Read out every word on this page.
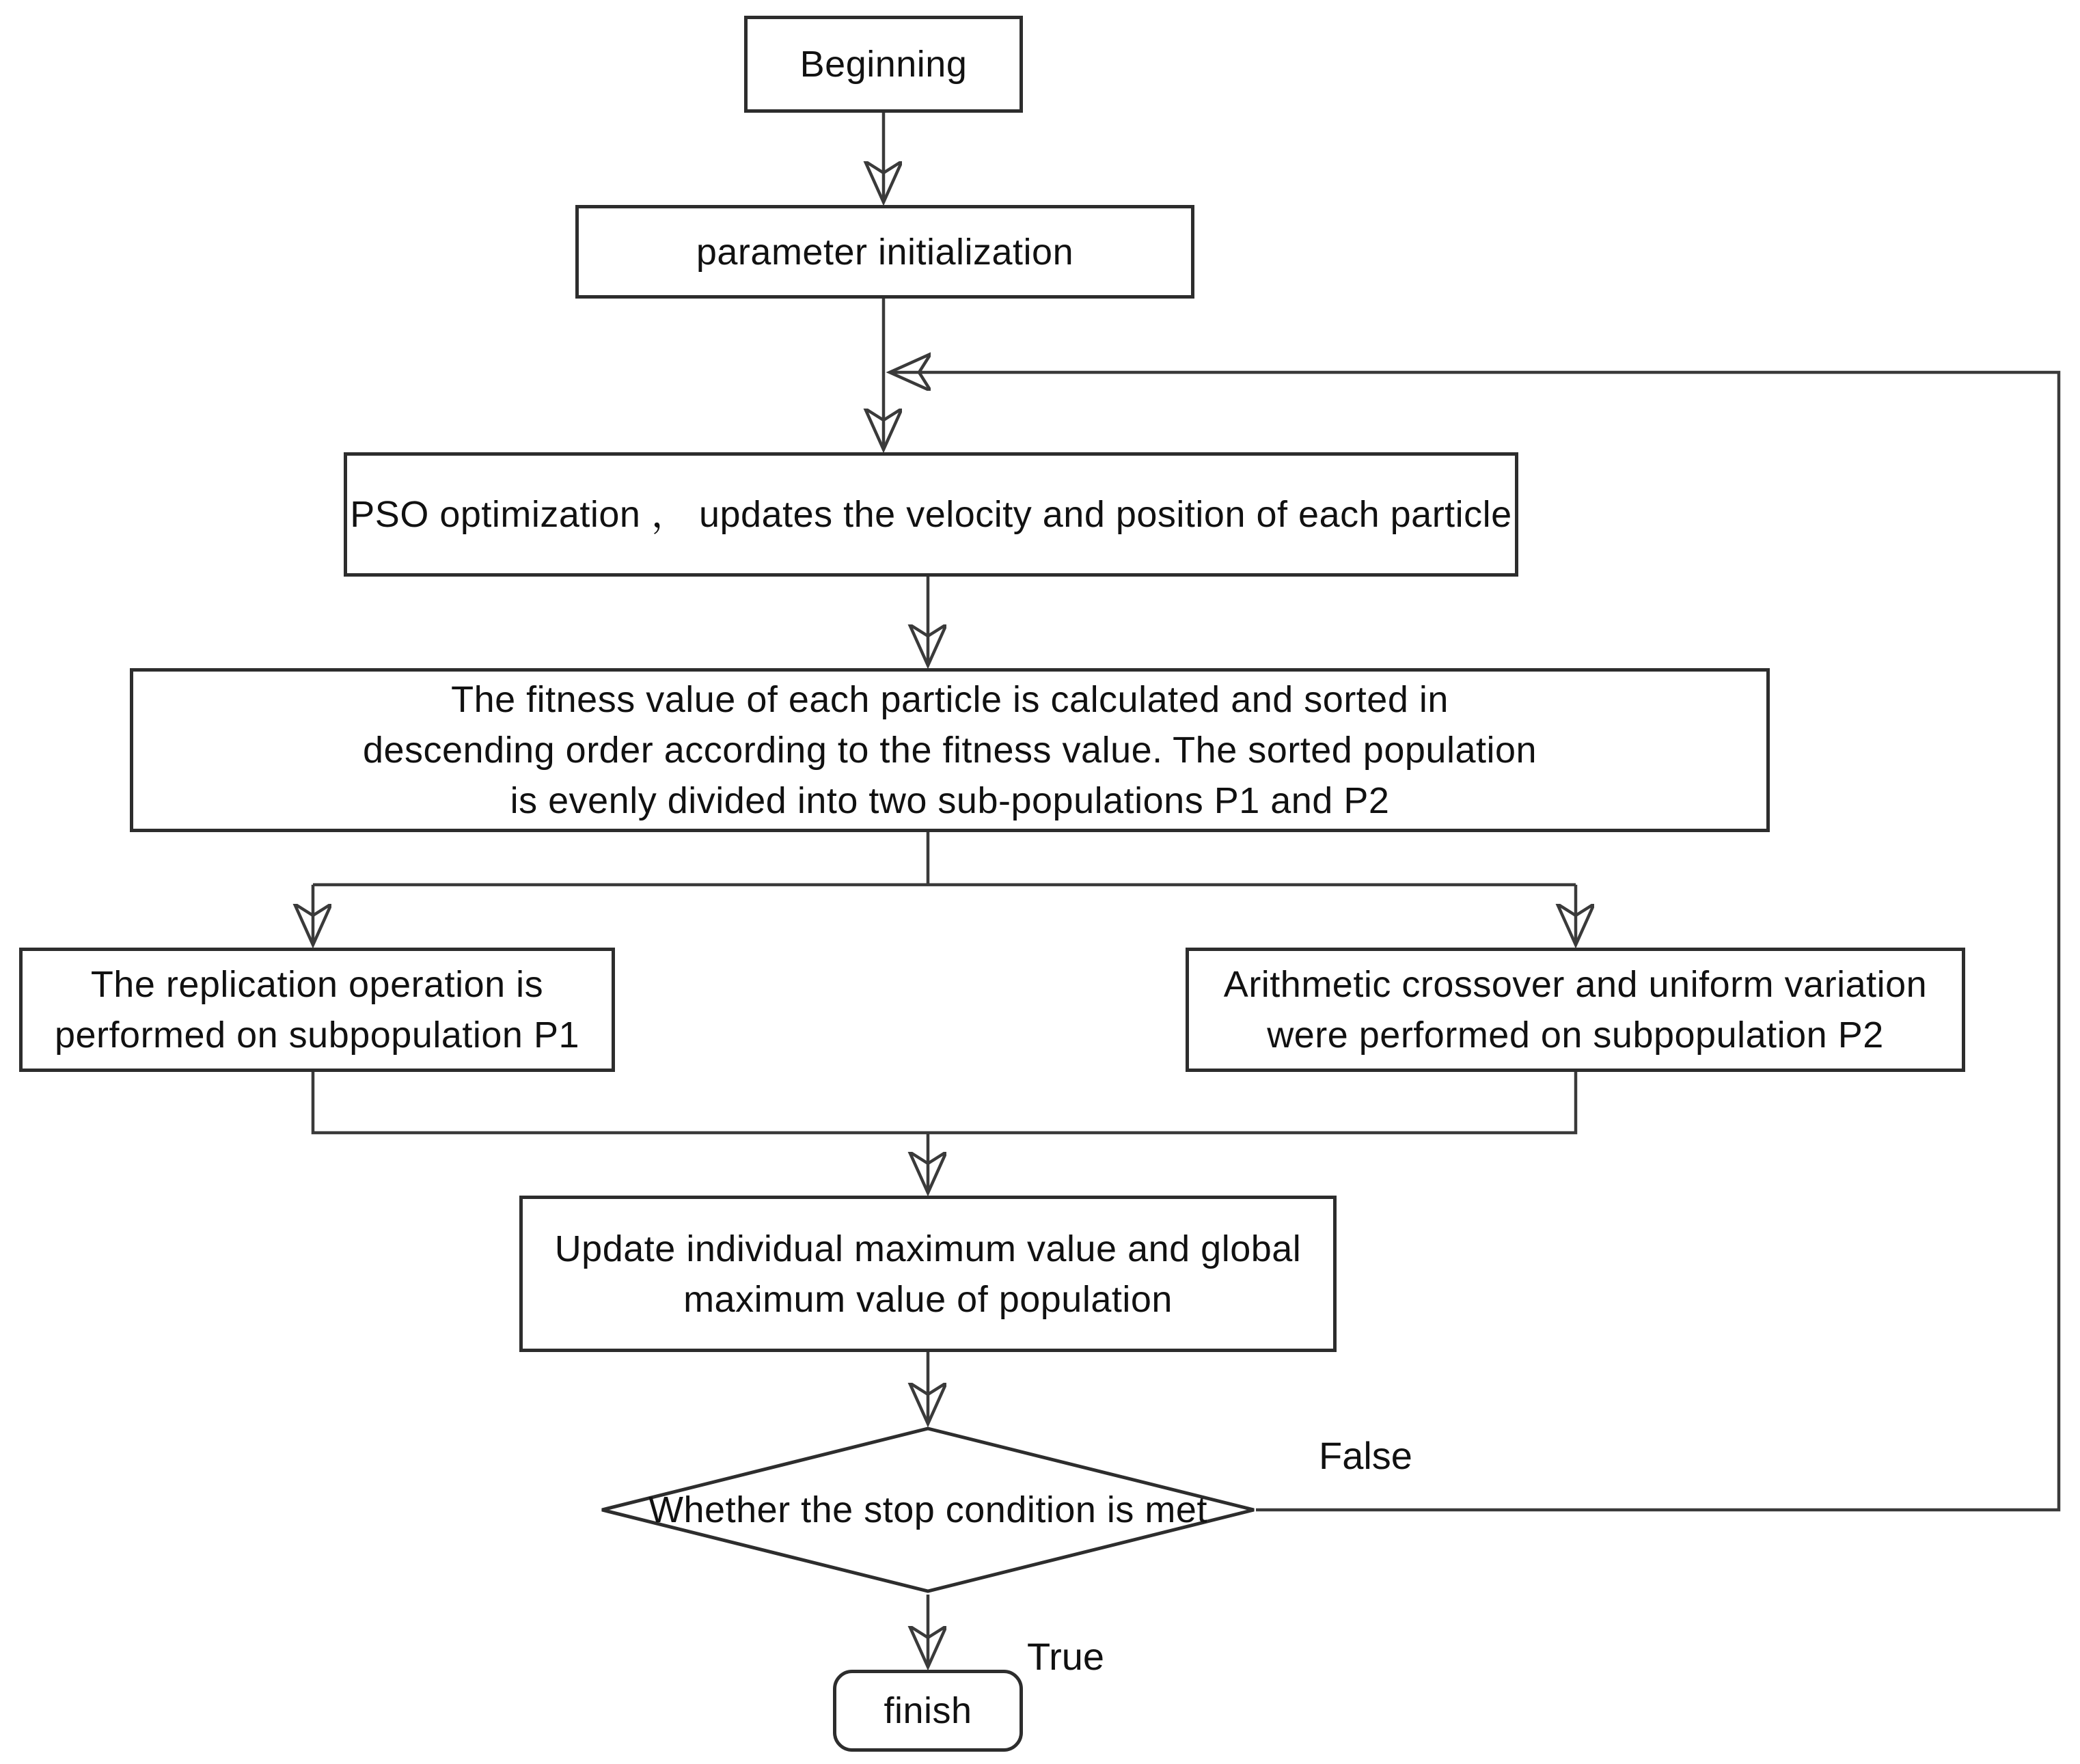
Beginning
parameter initialization
PSO optimization ， updates the velocity and position of each particle
The fitness value of each particle is calculated and sorted in
descending order according to the fitness value. The sorted population
is evenly divided into two sub-populations P1 and P2
The replication operation is
performed on subpopulation P1
Arithmetic crossover and uniform variation
were performed on subpopulation P2
Update individual maximum value and global
maximum value of population
Whether the stop condition is met
finish
False
True
